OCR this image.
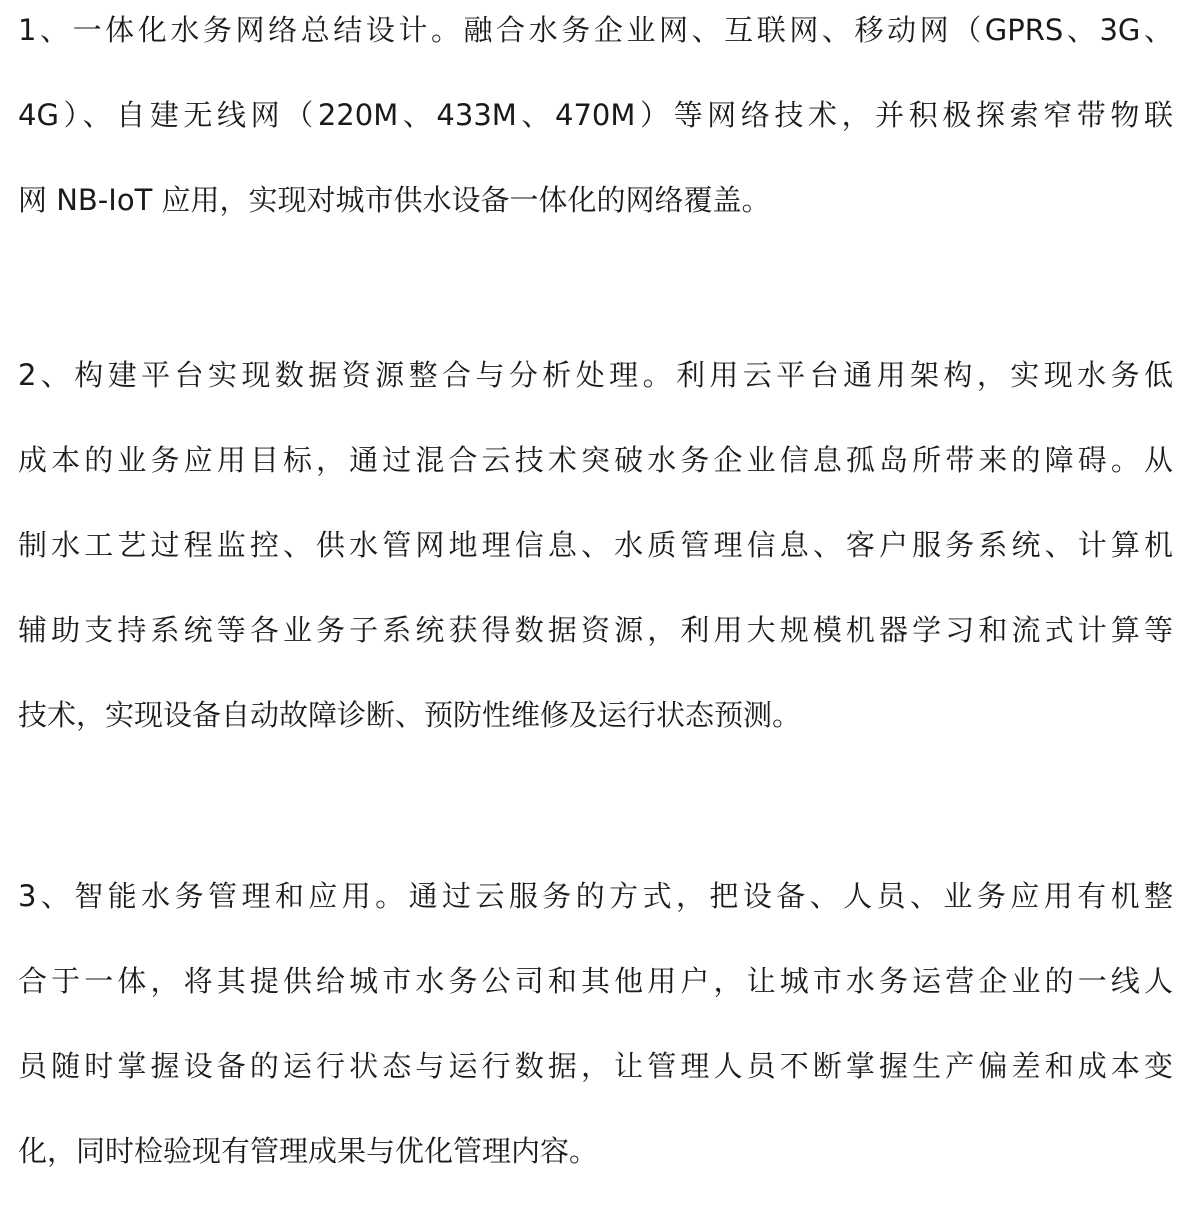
1、一体化水务网络总结设计。融合水务企业网、互联网、移动网（GPRS、3G、
4G）、自建无线网（220M、433M、470M）等网络技术，并积极探索窄带物联
网 NB-IoT 应用，实现对城市供水设备一体化的网络覆盖。
2、构建平台实现数据资源整合与分析处理。利用云平台通用架构，实现水务低
成本的业务应用目标，通过混合云技术突破水务企业信息孤岛所带来的障碍。从
制水工艺过程监控、供水管网地理信息、水质管理信息、客户服务系统、计算机
辅助支持系统等各业务子系统获得数据资源，利用大规模机器学习和流式计算等
技术，实现设备自动故障诊断、预防性维修及运行状态预测。
3、智能水务管理和应用。通过云服务的方式，把设备、人员、业务应用有机整
合于一体，将其提供给城市水务公司和其他用户，让城市水务运营企业的一线人
员随时掌握设备的运行状态与运行数据，让管理人员不断掌握生产偏差和成本变
化，同时检验现有管理成果与优化管理内容。
